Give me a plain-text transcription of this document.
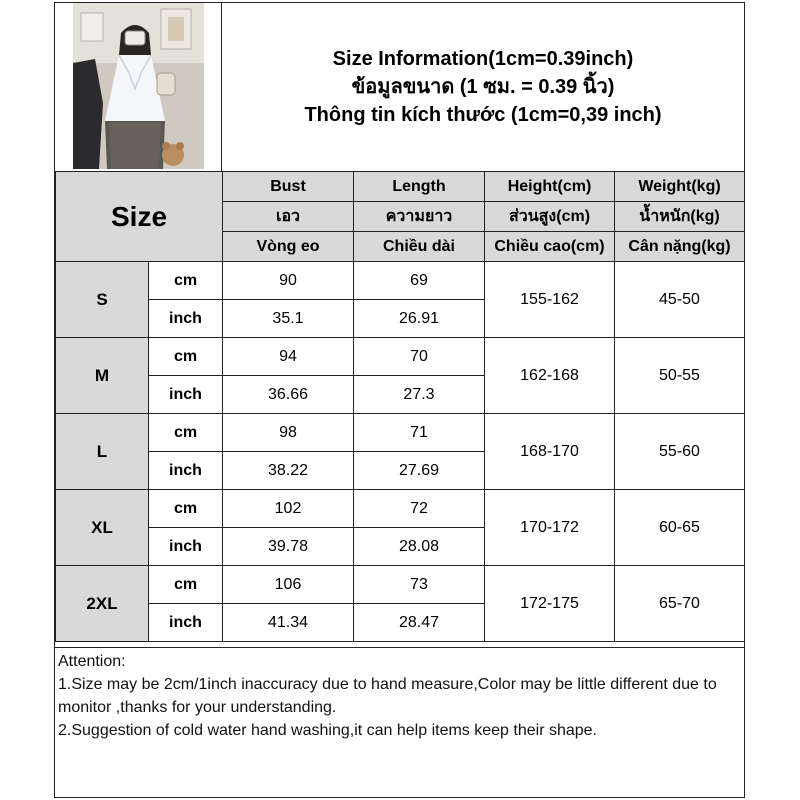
Size Information(1cm=0.39inch)
ข้อมูลขนาด (1 ซม. = 0.39 นิ้ว)
Thông tin kích thước (1cm=0,39 inch)
Size		Bust	Length	Height(cm)	Weight(kg)
		เอว	ความยาว	ส่วนสูง(cm)	น้ำหนัก(kg)
		Vòng eo	Chiều dài	Chiều cao(cm)	Cân nặng(kg)
S	cm	90	69	155-162	45-50
	inch	35.1	26.91		
M	cm	94	70	162-168	50-55
	inch	36.66	27.3		
L	cm	98	71	168-170	55-60
	inch	38.22	27.69		
XL	cm	102	72	170-172	60-65
	inch	39.78	28.08		
2XL	cm	106	73	172-175	65-70
	inch	41.34	28.47		
Attention:
1.Size may be 2cm/1inch inaccuracy due to hand measure,Color may be little different due to monitor ,thanks for your understanding.
2.Suggestion of cold water hand washing,it can help items keep their shape.
